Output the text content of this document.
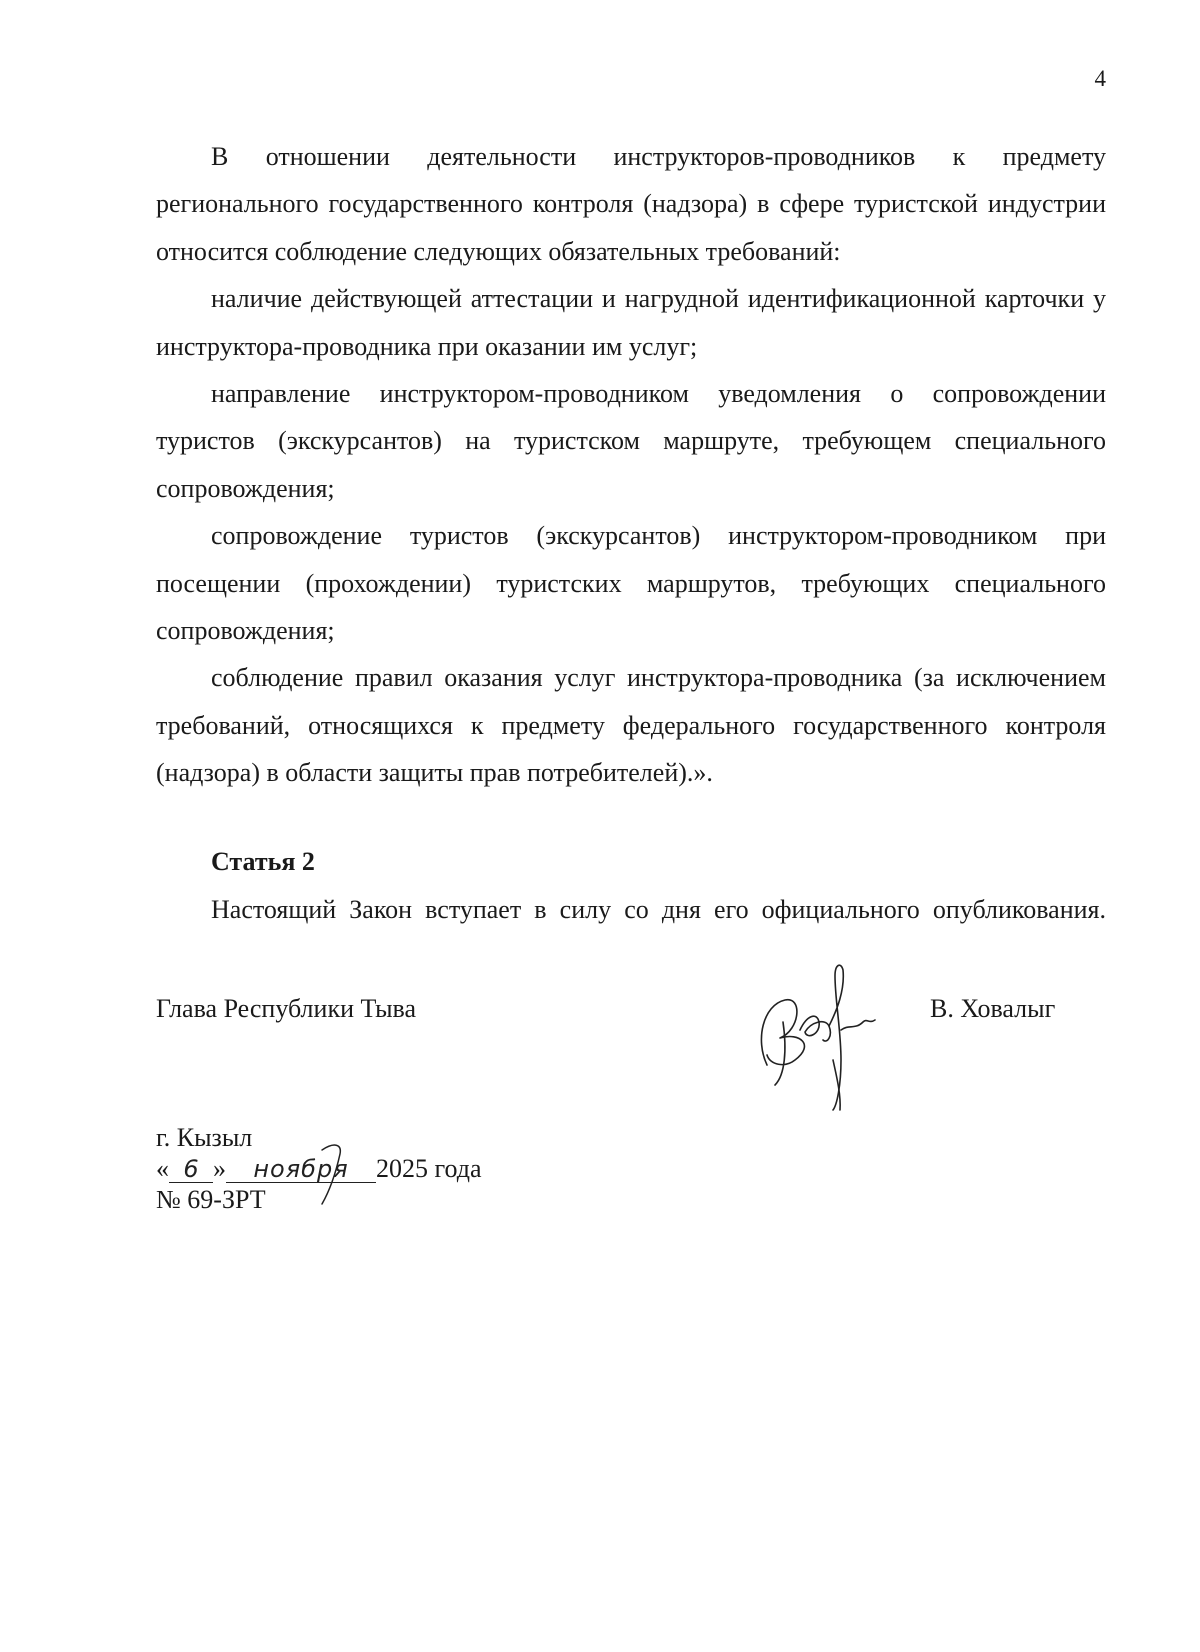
4

В отношении деятельности инструкторов-проводников к предмету регионального государственного контроля (надзора) в сфере туристской индустрии относится соблюдение следующих обязательных требований:

наличие действующей аттестации и нагрудной идентификационной карточки у инструктора-проводника при оказании им услуг;

направление инструктором-проводником уведомления о сопровождении туристов (экскурсантов) на туристском маршруте, требующем специального сопровождения;

сопровождение туристов (экскурсантов) инструктором-проводником при посещении (прохождении) туристских маршрутов, требующих специального сопровождения;

соблюдение правил оказания услуг инструктора-проводника (за исключением требований, относящихся к предмету федерального государственного контроля (надзора) в области защиты прав потребителей).».

Статья 2
Настоящий Закон вступает в силу со дня его официального опубликования.
Глава Республики Тыва	В. Ховалыг
г. Кызыл
« 6 » ноября 2025 года
№ 69-ЗРТ
